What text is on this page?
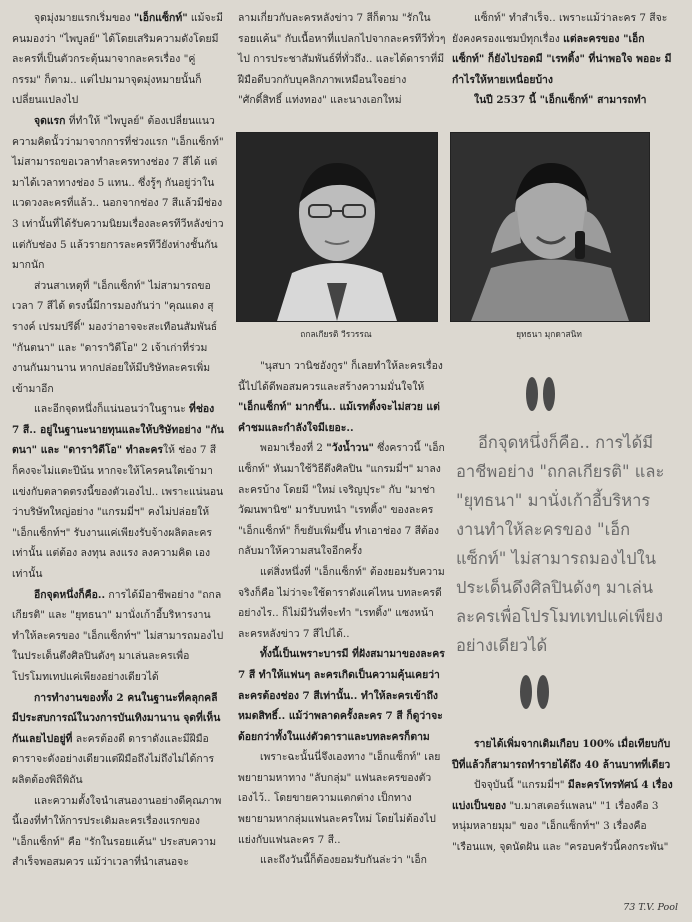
จุดมุ่งมายแรกเริ่มของ "เอ็กแซ็กท์" แม้จะมีคนมองว่า "ไพบูลย์" ได้โดยเสริมความดังโดยมีละครที่เป็นตัวกระตุ้นมาจากละครเรื่อง "คู่กรรม" ก็ตาม.. แต่ไปมามาจุดมุ่งหมายนั้นก็เปลี่ยนแปลงไป

จุดแรก ที่ทำให้ "ไพบูลย์" ต้องเปลี่ยนแนวความคิดนั้วว่ามาจากการที่ช่วงแรก "เอ็กแซ็กท์" ไม่สามารถขอเวลาทำละครทางช่อง 7 สีได้ แต่มาได้เวลาทางช่อง 5 แทน.. ซึ่งรู้ๆ กันอยู่ว่าในแวดวงละครที่แล้ว.. นอกจากช่อง 7 สีแล้วมีช่อง 3 เท่านั้นที่ได้รับความนิยมเรื่องละครทีวีหลังข่าว แต่กับช่อง 5 แล้วรายการละครทีวียังห่างชั้นกันมากนัก

ส่วนสาเหตุที่ "เอ็กแซ็กท์" ไม่สามารถขอเวลา 7 สีได้ ตรงนี้มีการมองกันว่า "คุณแดง สุรางค์ เปรมปรีดิ์" มองว่าอาจจะสะเทือนสัมพันธ์ "กันตนา" และ "ดาราวิดีโอ" 2 เจ้าเก่าที่ร่วมงานกันมานาน หากปล่อยให้มีบริษัทละครเพิ่มเข้ามาอีก

และอีกจุดหนึ่งก็แน่นอนว่าในฐานะ ที่ช่อง 7 สี.. อยู่ในฐานะนายทุนและให้บริษัทอย่าง "กันตนา" และ "ดาราวิดีโอ" ทำละครให้ ช่อง 7 สี ก็คงจะไม่แตะปีน้น หากจะให้โครคนใดเข้ามาแข่งกับตลาดตรงนี้ของตัวเองไป.. เพราะแน่นอนว่าบริษัทใหญ่อย่าง "แกรมมี่ฯ" คงไม่ปล่อยให้ "เอ็กแซ็กท์ฯ" รับงานแค่เพียงรับจ้างผลิตละครเท่านั้น แต่ต้อง ลงทุน ลงแรง ลงความคิด เองเท่านั้น

อีกจุดหนึ่งก็คือ.. การได้มีอาชีพอย่าง "ถกลเกียรติ" และ "ยุทธนา" มานั่งเก้าอี้บริหารงานทำให้ละครของ "เอ็กแซ็กท์ฯ" ไม่สามารถมองไปในประเด็นตึงศิลปินดังๆ มาเล่นละครเพื่อโปรโมทเทปแค่เพียงอย่างเดียวได้

การทำงานของทั้ง 2 คนในฐานะที่คลุกคลีมีประสบการณ์ในวงการบันเทิงมานาน จุดที่เห็นกันเลยไปอยู่ที่ ละครต้องดี ดาราดังและมีฝีมือ ดาราจะดังอย่างเดียวแต่ฝีมือถึงไม่ถึงไม่ได้การผลิตต้องพิถีพิถัน

และความตั้งใจนำเสนองานอย่างดีคุณภาพนี้เองที่ทำให้การประเดิมละครเรื่องแรกของ "เอ็กแซ็กท์" คือ "รักในรอยแค้น" ประสบความสำเร็จพอสมควร แม้ว่าเวลาที่นำเสนอจะ

ลามเกี่ยวกับละครหลังข่าว 7 สีก็ตาม "รักในรอยแค้น" กับเนื้อหาที่แปลกไปจากละครทีวีทั่วๆ ไป การประชาสัมพันธ์ที่ทั่วถึง.. และได้ดาราที่มีฝีมือดีบวกกับบุคลิกภาพเหมือนใจอย่าง "ศักดิ์สิทธิ์ แท่งทอง" และนางเอกใหม่

"นุสบา วานิชอังกูร" ก็เลยทำให้ละครเรื่องนี้ไปได้ดีพอสมควรและสร้างความมั่นใจให้ "เอ็กแซ็กท์" มากขึ้น.. แม้เรทติ้งจะไม่สวย แต่คำชมและกำลังใจมีเยอะ..

พอมาเรื่องที่ 2 "วังน้ำวน" ซึ่งคราวนี้ "เอ็กแซ็กท์" หันมาใช้วิธีดึงศิลปิน "แกรมมี่ฯ" มาลงละครบ้าง โดยมี "ใหม่ เจริญปุระ" กับ "มาช่า วัฒนพานิช" มารับบทนำ "เรทติ้ง" ของละคร "เอ็กแซ็กท์" ก็ขยับเพิ่มขึ้น ทำเอาช่อง 7 สีต้องกลับมาให้ความสนใจอีกครั้ง

แต่สิ่งหนึ่งที่ "เอ็กแซ็กท์" ต้องยอมรับความจริงก็คือ ไม่ว่าจะใช้ดาราดังแค่ไหน บทละครดีอย่างไร.. ก็ไม่มีวันที่จะทำ "เรทติ้ง" แซงหน้าละครหลังข่าว 7 สีไปได้..

ทั้งนี้เป็นเพราะบารมี ที่ฝังสมามาของละคร 7 สี ทำให้แฟนๆ ละครเกิดเป็นความคุ้นเคยว่า ละครต้องช่อง 7 สีเท่านั้น.. ทำให้ละครเข้าถึงหมดสิทธิ์.. แม้ว่าพลาดครั้งละคร 7 สี ก็ดูว่าจะด้อยกว่าทั้งในแง่ตัวดาราและบทละครก็ตาม

เพราะฉะนั้นนี่จึงเองทาง "เอ็กแซ็กท์" เลยพยายามหาทาง "ลับกลุ่ม" แฟนละครของตัวเองไว้.. โดยขายความแตกต่าง เป็กทางพยายามหากลุ่มแฟนละครใหม่ โดยไม่ต้องไปแย่งกับแฟนละคร 7 สี..

และถึงวันนี้ก็ต้องยอมรับกันล่ะว่า "เอ็ก

แซ็กท์" ทำสำเร็จ.. เพราะแม้ว่าละคร 7 สีจะยังคงครองแชมป์ทุกเรื่อง แต่ละครของ "เอ็กแซ็กท์" ก็ยังไปรอดมี "เรทติ้ง" ที่น่าพอใจ พออะ มีกำไรให้หายเหนื่อยบ้าง

ในปี 2537 นี้ "เอ็กแซ็กท์" สามารถทำ

ถกลเกียรติ วีรวรรณ	ยุทธนา มุกดาสนิท
อีกจุดหนึ่งก็คือ.. การได้มีอาชีพอย่าง "ถกลเกียรติ" และ "ยุทธนา" มานั่งเก้าอี้บริหารงานทำให้ละครของ "เอ็กแซ็กท์" ไม่สามารถมองไปในประเด็นดึงศิลปินดังๆ มาเล่นละครเพื่อโปรโมทเทปแค่เพียงอย่างเดียวได้

รายได้เพิ่มจากเดิมเกือบ 100% เมื่อเทียบกับปีที่แล้วก็สามารถทำรายได้ถึง 40 ล้านบาทที่เดียว

ปัจจุบันนี้ "แกรมมี่ฯ" มีละครโทรทัศน์ 4 เรื่องแบ่งเป็นของ "บ.มาสเตอร์แพลน" "1 เรื่องคือ 3 หนุ่มหลายมุม" ของ "เอ็กแซ็กท์ฯ" 3 เรื่องคือ "เรือนแพ, จุดนัดฝัน และ "ครอบครัวนี้คงกระพัน"

73 T.V. Pool
